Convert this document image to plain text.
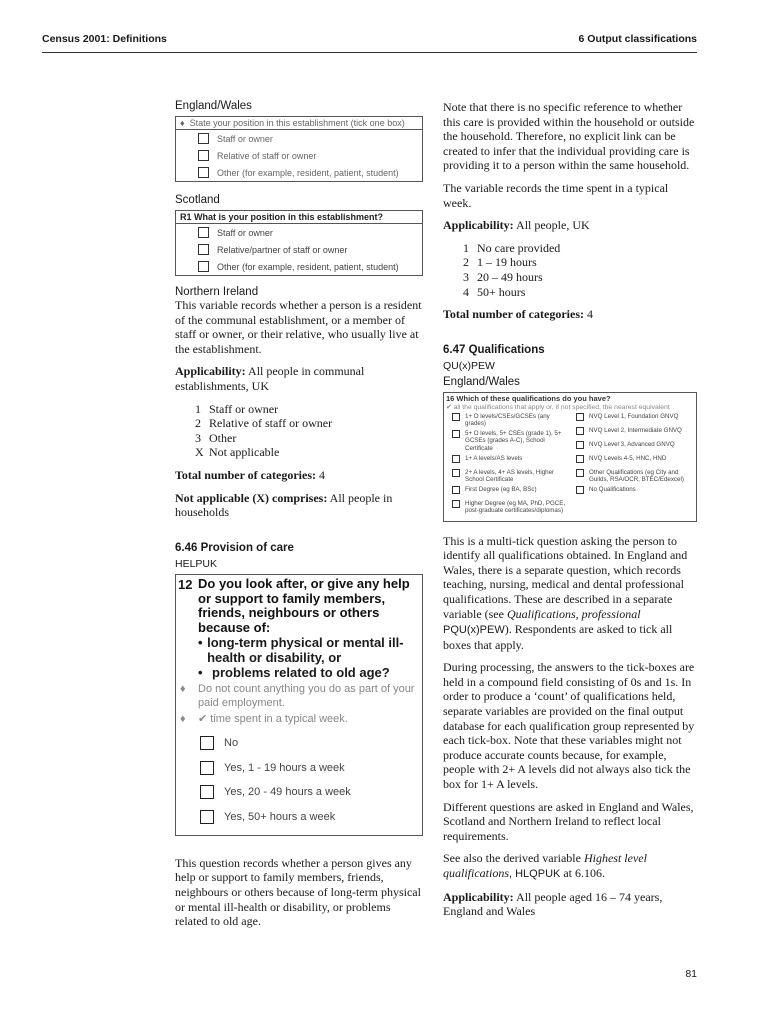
Census 2001: Definitions	6 Output classifications
England/Wales
♦  State your position in this establishment (tick one box)
Staff or owner
Relative of staff or owner
Other (for example, resident, patient, student)
Scotland
R1 What is your position in this establishment?
Staff or owner
Relative/partner of staff or owner
Other (for example, resident, patient, student)
Northern Ireland
This variable records whether a person is a resident of the communal establishment, or a member of staff or owner, or their relative, who usually live at the establishment.
Applicability: All people in communal establishments, UK
1 Staff or owner
2 Relative of staff or owner
3 Other
X Not applicable
Total number of categories: 4
Not applicable (X) comprises: All people in households
6.46 Provision of care
HELPUK
12 Do you look after, or give any help or support to family members, friends, neighbours or others because of:
• long-term physical or mental ill-health or disability, or
• problems related to old age?
♦	Do not count anything you do as part of your paid employment.
♦	✔ time spent in a typical week.
No
Yes, 1 - 19 hours a week
Yes, 20 - 49 hours a week
Yes, 50+ hours a week
This question records whether a person gives any help or support to family members, friends, neighbours or others because of long-term physical or mental ill-health or disability, or problems related to old age.
Note that there is no specific reference to whether this care is provided within the household or outside the household. Therefore, no explicit link can be created to infer that the individual providing care is providing it to a person within the same household.
The variable records the time spent in a typical week.
Applicability: All people, UK
1 No care provided
2 1 – 19 hours
3 20 – 49 hours
4 50+ hours
Total number of categories: 4
6.47 Qualifications
QU(x)PEW
England/Wales
16 Which of these qualifications do you have?
✔ all the qualifications that apply or, if not specified, the nearest equivalent
1+ O levels/CSEs/GCSEs (any grades)
5+ O levels, 5+ CSEs (grade 1), 5+ GCSEs (grades A-C), School Certificate
1+ A levels/AS levels
2+ A levels, 4+ AS levels, Higher School Certificate
First Degree (eg BA, BSc)
Higher Degree (eg MA, PhD, PGCE, post-graduate certificates/diplomas)
NVQ Level 1, Foundation GNVQ
NVQ Level 2, Intermediate GNVQ
NVQ Level 3, Advanced GNVQ
NVQ Levels 4-5, HNC, HND
Other Qualifications (eg City and Guilds, RSA/OCR, BTEC/Edexcel)
No Qualifications
This is a multi-tick question asking the person to identify all qualifications obtained. In England and Wales, there is a separate question, which records teaching, nursing, medical and dental professional qualifications. These are described in a separate variable (see Qualifications, professional PQU(x)PEW). Respondents are asked to tick all boxes that apply.
During processing, the answers to the tick-boxes are held in a compound field consisting of 0s and 1s. In order to produce a ‘count’ of qualifications held, separate variables are provided on the final output database for each qualification group represented by each tick-box. Note that these variables might not produce accurate counts because, for example, people with 2+ A levels did not always also tick the box for 1+ A levels.
Different questions are asked in England and Wales, Scotland and Northern Ireland to reflect local requirements.
See also the derived variable Highest level qualifications, HLQPUK at 6.106.
Applicability: All people aged 16 – 74 years, England and Wales
81
